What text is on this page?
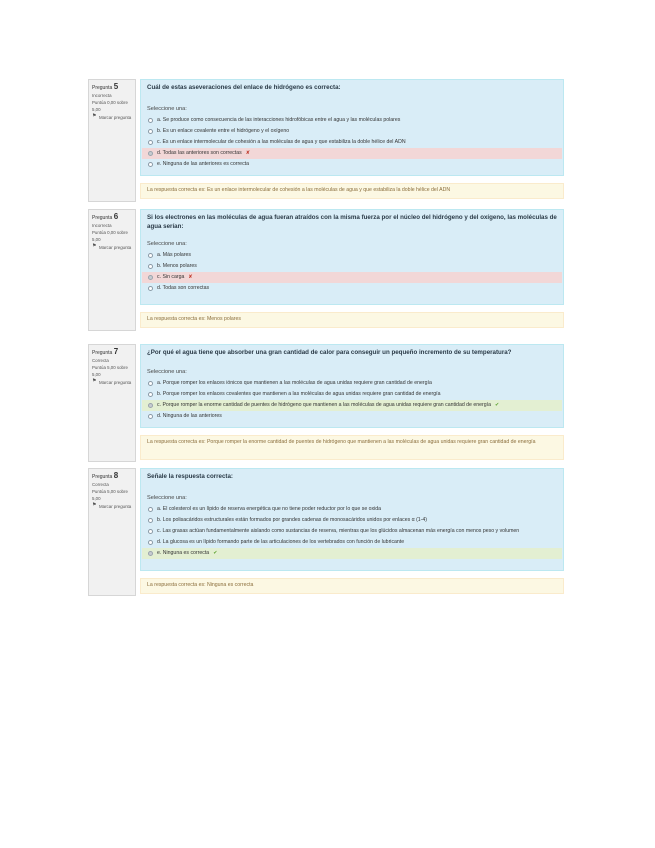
Pregunta 5
Incorrecta
Puntúa 0,00 sobre 5,00
⚑ Marcar pregunta

Cuál de estas aseveraciones del enlace de hidrógeno es correcta:

Seleccione una:

a. Se produce como consecuencia de las interacciones hidrofóbicas entre el agua y las moléculas polares
b. Es un enlace covalente entre el hidrógeno y el oxígeno
c. Es un enlace intermolecular de cohesión a las moléculas de agua y que estabiliza la doble hélice del ADN
d. Todas las anteriores son correctas ✘
e. Ninguna de las anteriores es correcta
La respuesta correcta es: Es un enlace intermolecular de cohesión a las moléculas de agua y que estabiliza la doble hélice del ADN
Pregunta 6
Incorrecta
Puntúa 0,00 sobre 5,00
⚑ Marcar pregunta

Si los electrones en las moléculas de agua fueran atraídos con la misma fuerza por el núcleo del hidrógeno y del oxígeno, las moléculas de agua serían:

Seleccione una:

a. Más polares
b. Menos polares
c. Sin carga ✘
d. Todas son correctas
La respuesta correcta es: Menos polares
Pregunta 7
Correcta
Puntúa 5,00 sobre 5,00
⚑ Marcar pregunta

¿Por qué el agua tiene que absorber una gran cantidad de calor para conseguir un pequeño incremento de su temperatura?

Seleccione una:

a. Porque romper los enlaces iónicos que mantienen a las moléculas de agua unidas requiere gran cantidad de energía
b. Porque romper los enlaces covalentes que mantienen a las moléculas de agua unidas requiere gran cantidad de energía
c. Porque romper la enorme cantidad de puentes de hidrógeno que mantienen a las moléculas de agua unidas requiere gran cantidad de energía ✔
d. Ninguna de las anteriores
La respuesta correcta es: Porque romper la enorme cantidad de puentes de hidrógeno que mantienen a las moléculas de agua unidas requiere gran cantidad de energía
Pregunta 8
Correcta
Puntúa 5,00 sobre 5,00
⚑ Marcar pregunta

Señale la respuesta correcta:

Seleccione una:

a. El colesterol es un lípido de reserva energética que no tiene poder reductor por lo que se oxida
b. Los polisacáridos estructurales están formados por grandes cadenas de monosacáridos unidos por enlaces α (1-4)
c. Las grasas actúan fundamentalmente aislando como sustancias de reserva, mientras que los glúcidos almacenan más energía con menos peso y volumen
d. La glucosa es un lípido formando parte de las articulaciones de los vertebrados con función de lubricante
e. Ninguna es correcta ✔
La respuesta correcta es: Ninguna es correcta
